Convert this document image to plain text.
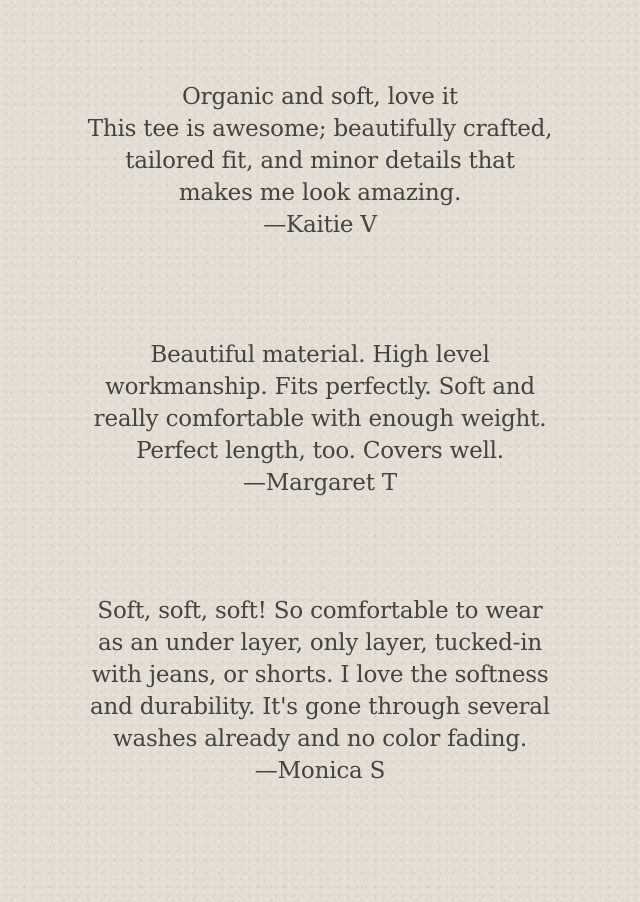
Organic and soft, love it
This tee is awesome; beautifully crafted,
tailored fit, and minor details that
makes me look amazing.
—Kaitie V
Beautiful material. High level
workmanship. Fits perfectly. Soft and
really comfortable with enough weight.
Perfect length, too. Covers well.
—Margaret T
Soft, soft, soft! So comfortable to wear
as an under layer, only layer, tucked-in
with jeans, or shorts. I love the softness
and durability. It's gone through several
washes already and no color fading.
—Monica S
